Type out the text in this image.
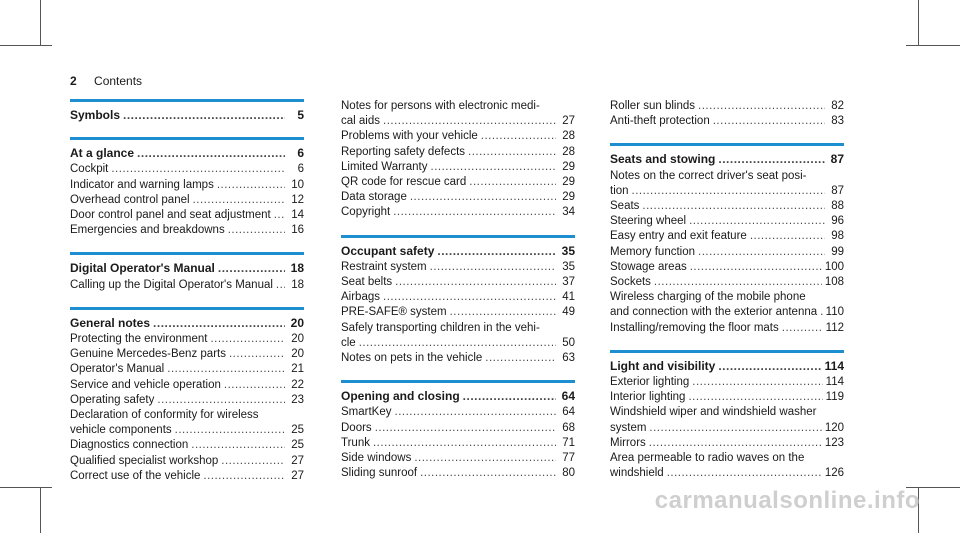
2 Contents
Symbols .....	5
At a glance .....	6
Cockpit .....	6
Indicator and warning lamps .....	10
Overhead control panel .....	12
Door control panel and seat adjustment ..... 14
Emergencies and breakdowns .....	16
Digital Operator's Manual .....	18
Calling up the Digital Operator's Manual ..... 18
General notes .....	20
Protecting the environment .....	20
Genuine Mercedes-Benz parts .....	20
Operator's Manual .....	21
Service and vehicle operation .....	22
Operating safety .....	23
Declaration of conformity for wireless
vehicle components .....	25
Diagnostics connection .....	25
Qualified specialist workshop .....	27
Correct use of the vehicle .....	27
Notes for persons with electronic medi-
cal aids .....	27
Problems with your vehicle .....	28
Reporting safety defects .....	28
Limited Warranty .....	29
QR code for rescue card .....	29
Data storage .....	29
Copyright .....	34
Occupant safety .....	35
Restraint system .....	35
Seat belts .....	37
Airbags .....	41
PRE-SAFE® system .....	49
Safely transporting children in the vehi-
cle .....	50
Notes on pets in the vehicle .....	63
Opening and closing .....	64
SmartKey .....	64
Doors .....	68
Trunk .....	71
Side windows .....	77
Sliding sunroof .....	80
Roller sun blinds .....	82
Anti-theft protection .....	83
Seats and stowing .....	87
Notes on the correct driver's seat posi-
tion .....	87
Seats .....	88
Steering wheel .....	96
Easy entry and exit feature .....	98
Memory function .....	99
Stowage areas .....	100
Sockets .....	108
Wireless charging of the mobile phone
and connection with the exterior antenna ..... 110
Installing/removing the floor mats .....	112
Light and visibility .....	114
Exterior lighting .....	114
Interior lighting .....	119
Windshield wiper and windshield washer
system .....	120
Mirrors .....	123
Area permeable to radio waves on the
windshield .....	126
carmanualsonline.info
